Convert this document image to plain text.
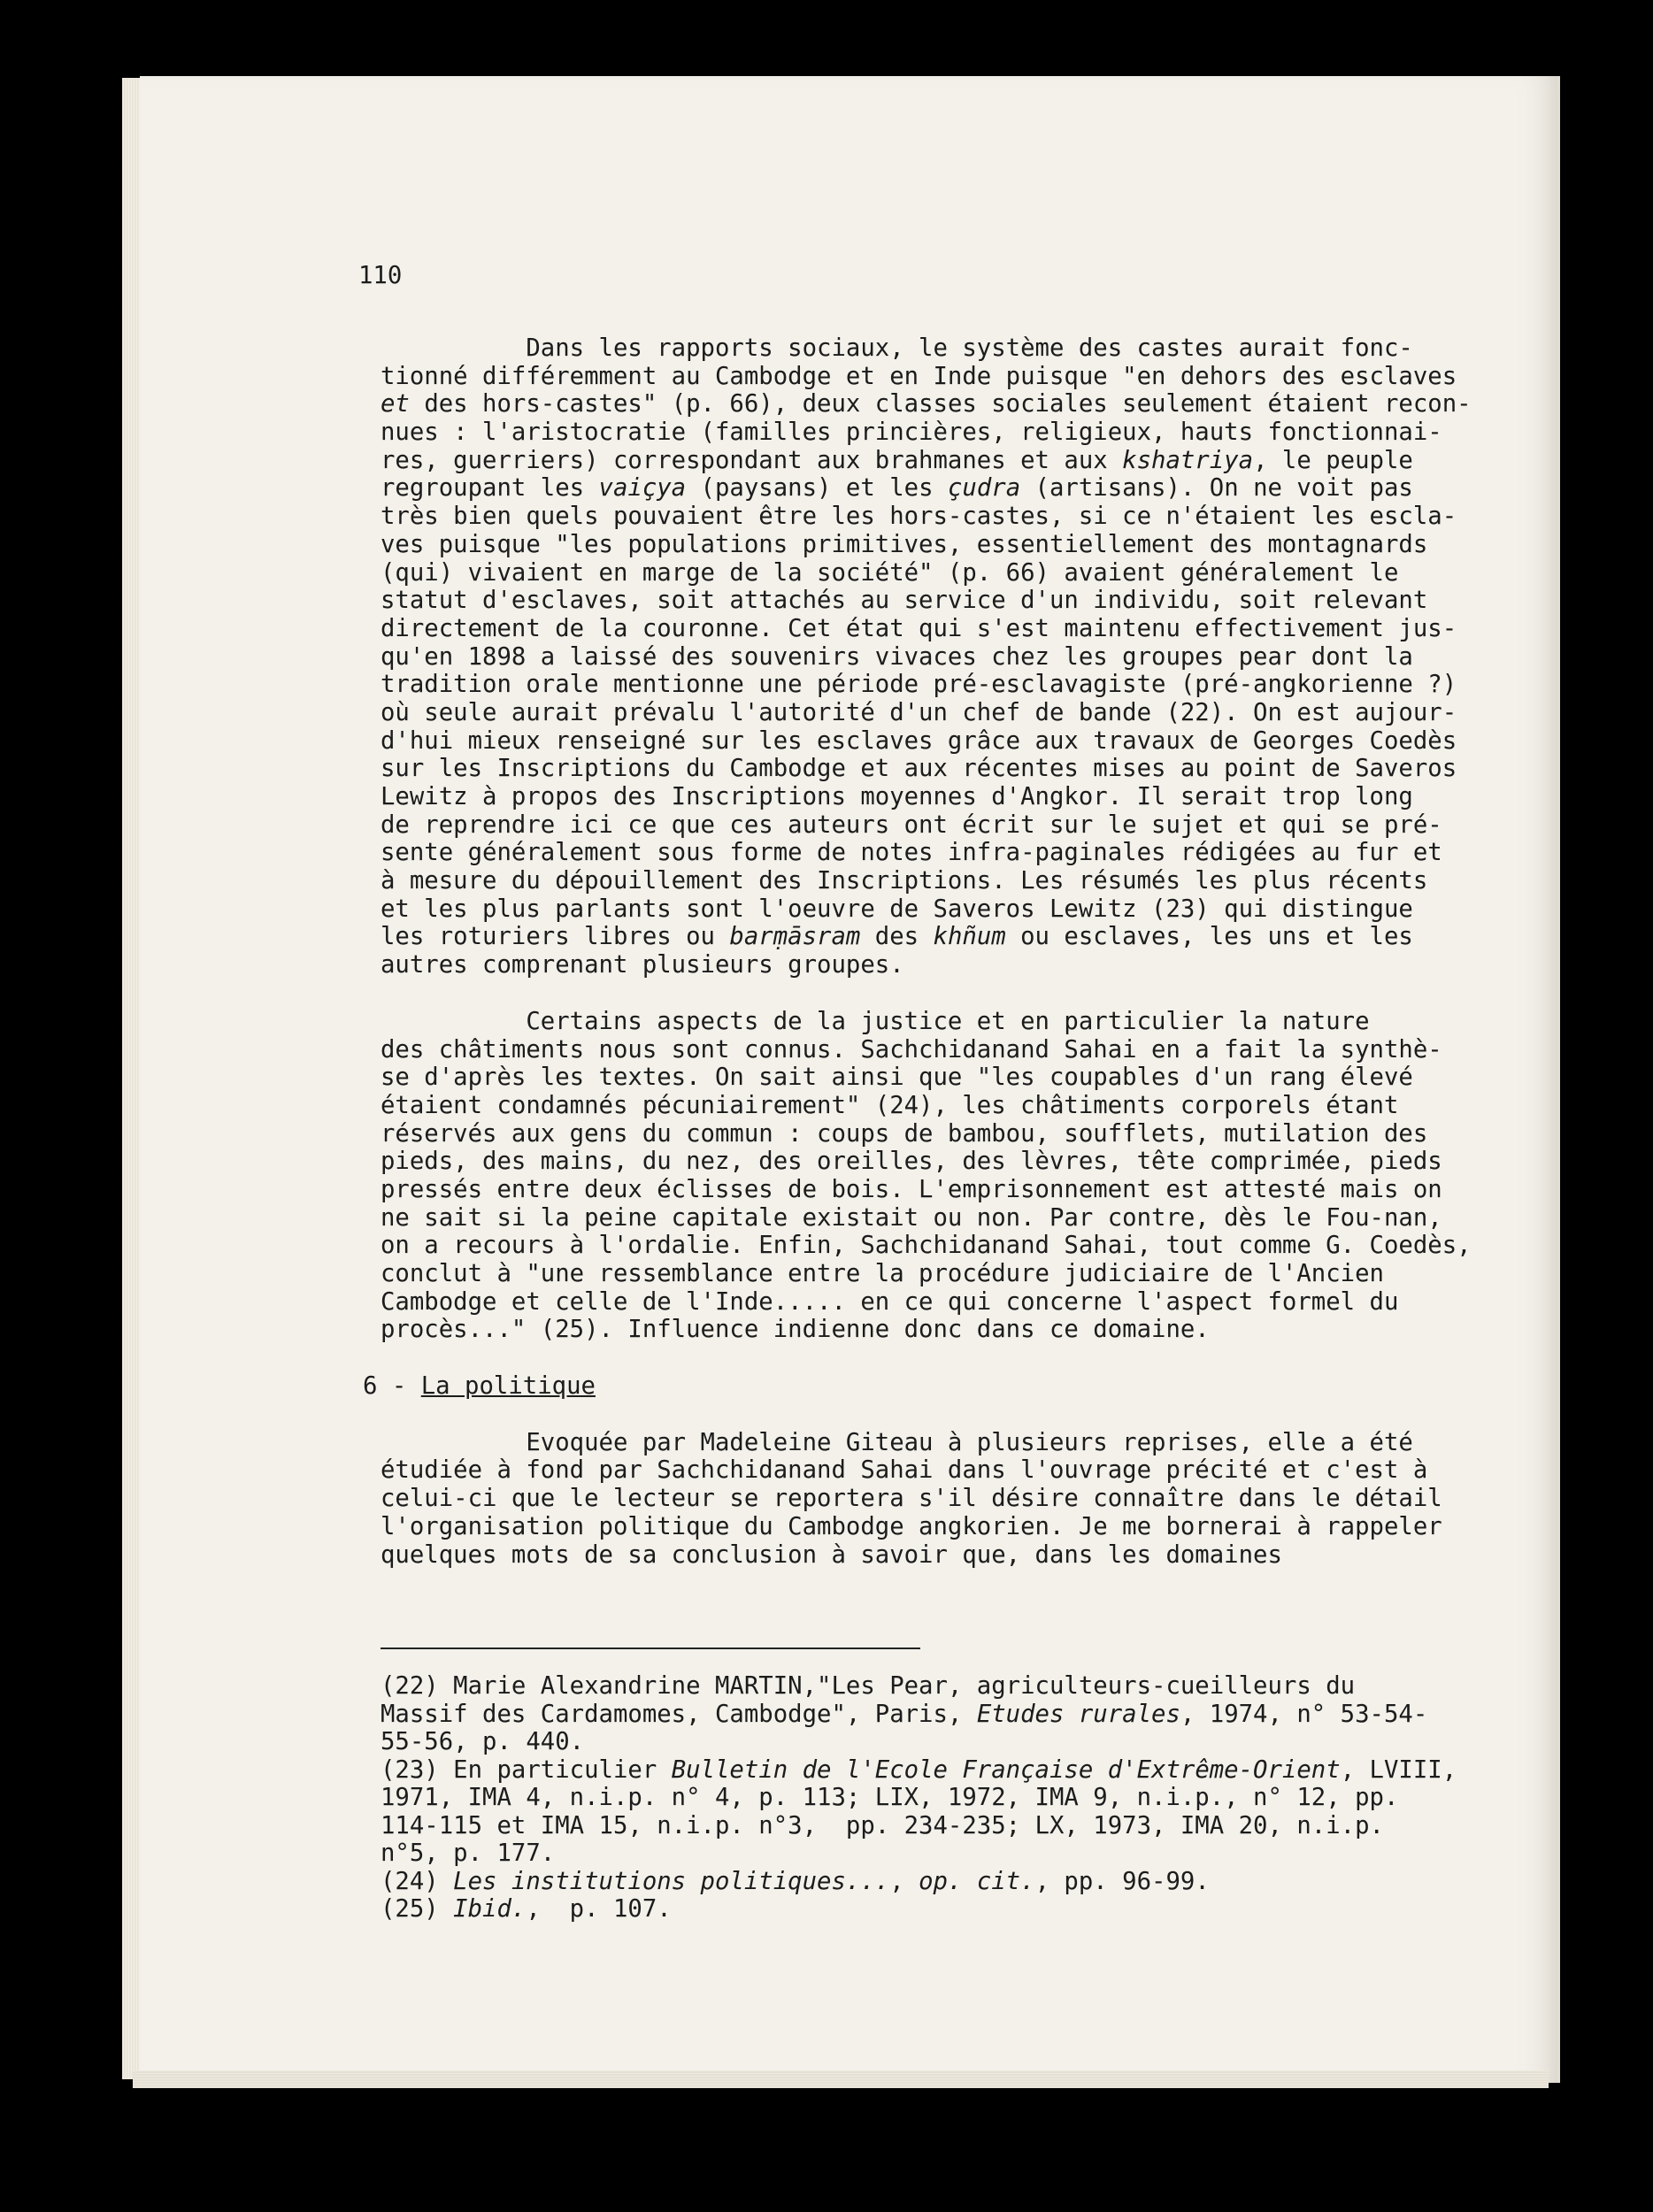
110
Dans les rapports sociaux, le système des castes aurait fonc-
tionné différemment au Cambodge et en Inde puisque "en dehors des esclaves
et des hors-castes" (p. 66), deux classes sociales seulement étaient recon-
nues : l'aristocratie (familles princières, religieux, hauts fonctionnai-
res, guerriers) correspondant aux brahmanes et aux kshatriya, le peuple
regroupant les vaiçya (paysans) et les çudra (artisans). On ne voit pas
très bien quels pouvaient être les hors-castes, si ce n'étaient les escla-
ves puisque "les populations primitives, essentiellement des montagnards
(qui) vivaient en marge de la société" (p. 66) avaient généralement le
statut d'esclaves, soit attachés au service d'un individu, soit relevant
directement de la couronne. Cet état qui s'est maintenu effectivement jus-
qu'en 1898 a laissé des souvenirs vivaces chez les groupes pear dont la
tradition orale mentionne une période pré-esclavagiste (pré-angkorienne ?)
où seule aurait prévalu l'autorité d'un chef de bande (22). On est aujour-
d'hui mieux renseigné sur les esclaves grâce aux travaux de Georges Coedès
sur les Inscriptions du Cambodge et aux récentes mises au point de Saveros
Lewitz à propos des Inscriptions moyennes d'Angkor. Il serait trop long
de reprendre ici ce que ces auteurs ont écrit sur le sujet et qui se pré-
sente généralement sous forme de notes infra-paginales rédigées au fur et
à mesure du dépouillement des Inscriptions. Les résumés les plus récents
et les plus parlants sont l'oeuvre de Saveros Lewitz (23) qui distingue
les roturiers libres ou barṃāsram des khñum ou esclaves, les uns et les
autres comprenant plusieurs groupes.
Certains aspects de la justice et en particulier la nature
des châtiments nous sont connus. Sachchidanand Sahai en a fait la synthè-
se d'après les textes. On sait ainsi que "les coupables d'un rang élevé
étaient condamnés pécuniairement" (24), les châtiments corporels étant
réservés aux gens du commun : coups de bambou, soufflets, mutilation des
pieds, des mains, du nez, des oreilles, des lèvres, tête comprimée, pieds
pressés entre deux éclisses de bois. L'emprisonnement est attesté mais on
ne sait si la peine capitale existait ou non. Par contre, dès le Fou-nan,
on a recours à l'ordalie. Enfin, Sachchidanand Sahai, tout comme G. Coedès,
conclut à "une ressemblance entre la procédure judiciaire de l'Ancien
Cambodge et celle de l'Inde..... en ce qui concerne l'aspect formel du
procès..." (25). Influence indienne donc dans ce domaine.
6 - La politique
Evoquée par Madeleine Giteau à plusieurs reprises, elle a été
étudiée à fond par Sachchidanand Sahai dans l'ouvrage précité et c'est à
celui-ci que le lecteur se reportera s'il désire connaître dans le détail
l'organisation politique du Cambodge angkorien. Je me bornerai à rappeler
quelques mots de sa conclusion à savoir que, dans les domaines
(22) Marie Alexandrine MARTIN,"Les Pear, agriculteurs-cueilleurs du
Massif des Cardamomes, Cambodge", Paris, Etudes rurales, 1974, n° 53-54-
55-56, p. 440.
(23) En particulier Bulletin de l'Ecole Française d'Extrême-Orient, LVIII,
1971, IMA 4, n.i.p. n° 4, p. 113; LIX, 1972, IMA 9, n.i.p., n° 12, pp.
114-115 et IMA 15, n.i.p. n°3,  pp. 234-235; LX, 1973, IMA 20, n.i.p.
n°5, p. 177.
(24) Les institutions politiques..., op. cit., pp. 96-99.
(25) Ibid.,  p. 107.
